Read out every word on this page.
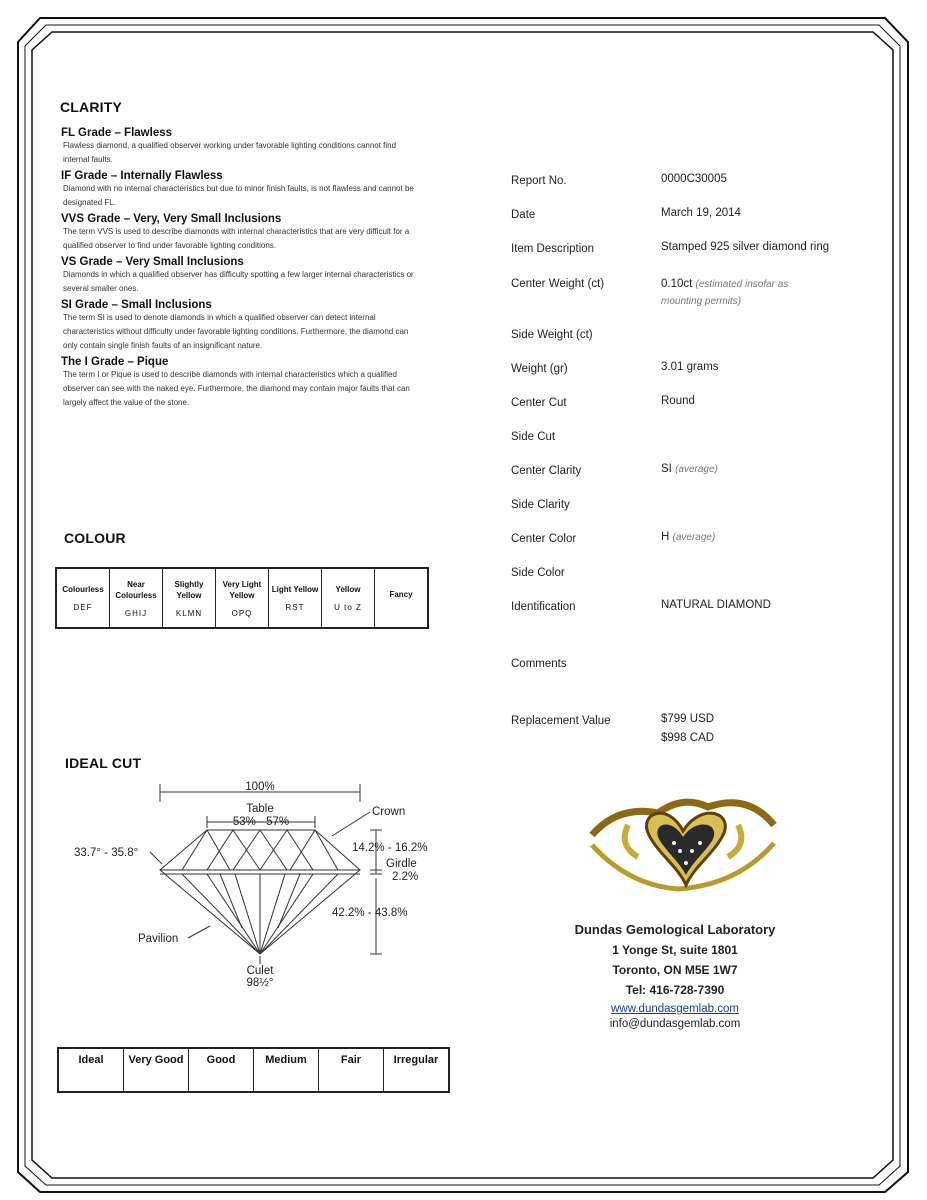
CLARITY
FL Grade – Flawless
Flawless diamond, a qualified observer working under favorable lighting conditions cannot find internal faults.
IF Grade – Internally Flawless
Diamond with no internal characteristics but due to minor finish faults, is not flawless and cannot be designated FL.
VVS Grade – Very, Very Small Inclusions
The term VVS is used to describe diamonds with internal characteristics that are very difficult for a qualified observer to find under favorable lighting conditions.
VS Grade – Very Small Inclusions
Diamonds in which a qualified observer has difficulty spotting a few larger internal characteristics or several smaller ones.
SI Grade – Small Inclusions
The term SI is used to denote diamonds in which a qualified observer can detect internal characteristics without difficulty under favorable lighting conditions. Furthermore, the diamond can only contain single finish faults of an insignificant nature.
The I Grade – Pique
The term I or Pique is used to describe diamonds with internal characteristics which a qualified observer can see with the naked eye. Furthermore, the diamond may contain major faults that can largely affect the value of the stone.
COLOUR
Colourless
DEF

Near Colourless
GHIJ

Slightly Yellow
KLMN

Very Light Yellow
OPQ

Light Yellow
RST

Yellow
U to Z

Fancy
IDEAL CUT
100%
Table
53% - 57%
Crown
33.7° - 35.8°	14.2% - 16.2%
Girdle
2.2%
42.2% - 43.8%
Pavilion
Culet
98½°
Ideal	Very Good	Good	Medium	Fair	Irregular
Report No.	0000C30005
Date	March 19, 2014
Item Description	Stamped 925 silver diamond ring
Center Weight (ct)	0.10ct (estimated insofar as mounting permits)
Side Weight (ct)
Weight (gr)	3.01 grams
Center Cut	Round
Side Cut
Center Clarity	SI (average)
Side Clarity
Center Color	H (average)
Side Color
Identification	NATURAL DIAMOND
Comments
Replacement Value	$799 USD
$998 CAD
Dundas Gemological Laboratory
1 Yonge St, suite 1801
Toronto, ON M5E 1W7
Tel: 416-728-7390
www.dundasgemlab.com
info@dundasgemlab.com
